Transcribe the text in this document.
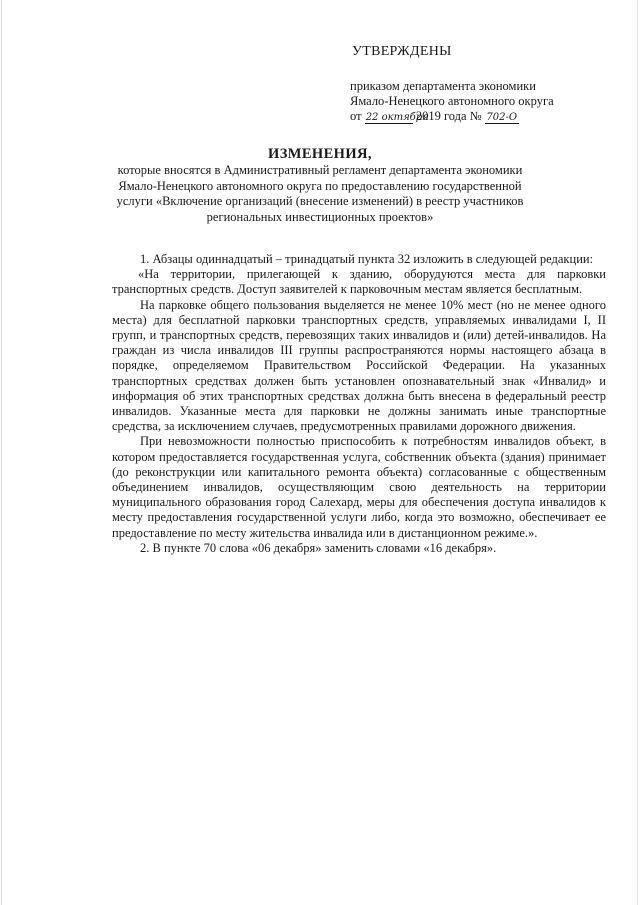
УТВЕРЖДЕНЫ
приказом департамента экономики
Ямало-Ненецкого автономного округа
от 22 октября 2019 года № 702-О
ИЗМЕНЕНИЯ,
которые вносятся в Административный регламент департамента экономики Ямало-Ненецкого автономного округа по предоставлению государственной услуги «Включение организаций (внесение изменений) в реестр участников региональных инвестиционных проектов»

1. Абзацы одиннадцатый – тринадцатый пункта 32 изложить в следующей редакции:

«На территории, прилегающей к зданию, оборудуются места для парковки транспортных средств. Доступ заявителей к парковочным местам является бесплатным.

На парковке общего пользования выделяется не менее 10% мест (но не менее одного места) для бесплатной парковки транспортных средств, управляемых инвалидами I, II групп, и транспортных средств, перевозящих таких инвалидов и (или) детей-инвалидов. На граждан из числа инвалидов III группы распространяются нормы настоящего абзаца в порядке, определяемом Правительством Российской Федерации. На указанных транспортных средствах должен быть установлен опознавательный знак «Инвалид» и информация об этих транспортных средствах должна быть внесена в федеральный реестр инвалидов. Указанные места для парковки не должны занимать иные транспортные средства, за исключением случаев, предусмотренных правилами дорожного движения.

При невозможности полностью приспособить к потребностям инвалидов объект, в котором предоставляется государственная услуга, собственник объекта (здания) принимает (до реконструкции или капитального ремонта объекта) согласованные с общественным объединением инвалидов, осуществляющим свою деятельность на территории муниципального образования город Салехард, меры для обеспечения доступа инвалидов к месту предоставления государственной услуги либо, когда это возможно, обеспечивает ее предоставление по месту жительства инвалида или в дистанционном режиме.».

2. В пункте 70 слова «06 декабря» заменить словами «16 декабря».
